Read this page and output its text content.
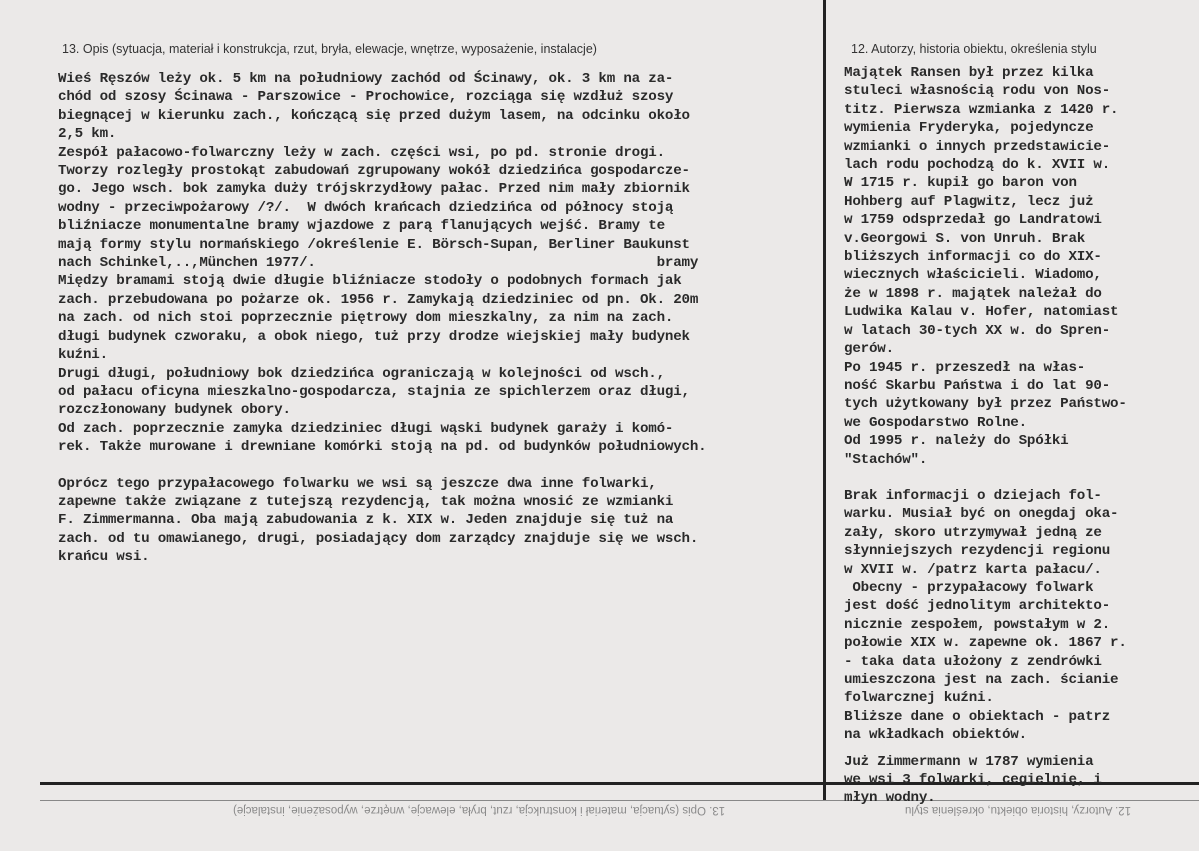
13. Opis (sytuacja, materiał i konstrukcja, rzut, bryła, elewacje, wnętrze, wyposażenie, instalacje)	12. Autorzy, historia obiektu, określenia stylu

Wieś Ręszów leży ok. 5 km na południowy zachód od Ścinawy, ok. 3 km na za-
chód od szosy Ścinawa - Parszowice - Prochowice, rozciąga się wzdłuż szosy
biegnącej w kierunku zach., kończącą się przed dużym lasem, na odcinku około
2,5 km.

Zespół pałacowo-folwarczny leży w zach. części wsi, po pd. stronie drogi.
Tworzy rozległy prostokąt zabudowań zgrupowany wokół dziedzińca gospodarcze-
go. Jego wsch. bok zamyka duży trójskrzydłowy pałac. Przed nim mały zbiornik
wodny - przeciwpożarowy /?/.  W dwóch krańcach dziedzińca od północy stoją
bliźniacze monumentalne bramy wjazdowe z parą flanujących wejść. Bramy te
mają formy stylu normańskiego /określenie E. Börsch-Supan, Berliner Baukunst
nach Schinkel,..,München 1977/.                                         bramy

Między bramami stoją dwie długie bliźniacze stodoły o podobnych formach jak
zach. przebudowana po pożarze ok. 1956 r. Zamykają dziedziniec od pn. Ok. 20m
na zach. od nich stoi poprzecznie piętrowy dom mieszkalny, za nim na zach.
długi budynek czworaku, a obok niego, tuż przy drodze wiejskiej mały budynek
kuźni.

Drugi długi, południowy bok dziedzińca ograniczają w kolejności od wsch.,
od pałacu oficyna mieszkalno-gospodarcza, stajnia ze spichlerzem oraz długi,
rozczłonowany budynek obory.

Od zach. poprzecznie zamyka dziedziniec długi wąski budynek garaży i komó-
rek. Także murowane i drewniane komórki stoją na pd. od budynków południowych.

Oprócz tego przypałacowego folwarku we wsi są jeszcze dwa inne folwarki,
zapewne także związane z tutejszą rezydencją, tak można wnosić ze wzmianki
F. Zimmermanna. Oba mają zabudowania z k. XIX w. Jeden znajduje się tuż na
zach. od tu omawianego, drugi, posiadający dom zarządcy znajduje się we wsch.
krańcu wsi.

Majątek Ransen był przez kilka
stuleci własnością rodu von Nos-
titz. Pierwsza wzmianka z 1420 r.
wymienia Fryderyka, pojedyncze
wzmianki o innych przedstawicie-
lach rodu pochodzą do k. XVII w.

W 1715 r. kupił go baron von
Hohberg auf Plagwitz, lecz już
w 1759 odsprzedał go Landratowi
v.Georgowi S. von Unruh. Brak
bliższych informacji co do XIX-
wiecznych właścicieli. Wiadomo,
że w 1898 r. majątek należał do
Ludwika Kalau v. Hofer, natomiast
w latach 30-tych XX w. do Spren-
gerów.

Po 1945 r. przeszedł na włas-
ność Skarbu Państwa i do lat 90-
tych użytkowany był przez Państwo-
we Gospodarstwo Rolne.

Od 1995 r. należy do Spółki
"Stachów".

Brak informacji o dziejach fol-
warku. Musiał być on onegdaj oka-
zały, skoro utrzymywał jedną ze
słynniejszych rezydencji regionu
w XVII w. /patrz karta pałacu/.
Obecny - przypałacowy folwark
jest dość jednolitym architekto-
nicznie zespołem, powstałym w 2.
połowie XIX w. zapewne ok. 1867 r.
- taka data ułożony z zendrówki
umieszczona jest na zach. ścianie
folwarcznej kuźni.

Bliższe dane o obiektach - patrz
na wkładkach obiektów.

Już Zimmermann w 1787 wymienia
we wsi 3 folwarki, cegielnię, i
młyn wodny.

13. Opis (sytuacja, materiał i konstrukcja, rzut, bryła, elewacje, wnętrze, wyposażenie, instalacje)	12. Autorzy, historia obiektu, określenia stylu
